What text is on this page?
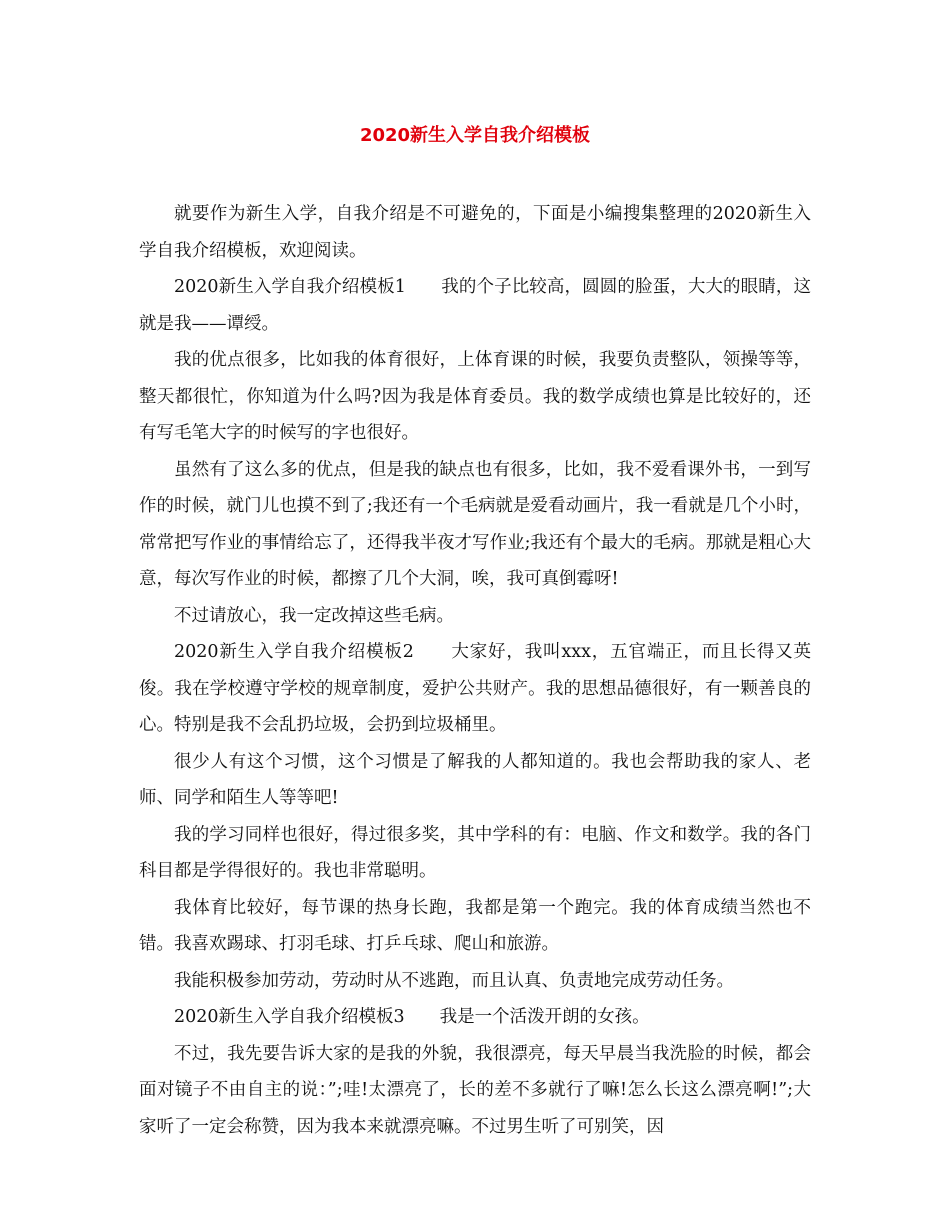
2020新生入学自我介绍模板

就要作为新生入学，自我介绍是不可避免的，下面是小编搜集整理的2020新生入学自我介绍模板，欢迎阅读。

2020新生入学自我介绍模板1　　我的个子比较高，圆圆的脸蛋，大大的眼睛，这就是我——谭绶。

我的优点很多，比如我的体育很好，上体育课的时候，我要负责整队，领操等等，整天都很忙，你知道为什么吗?因为我是体育委员。我的数学成绩也算是比较好的，还有写毛笔大字的时候写的字也很好。

虽然有了这么多的优点，但是我的缺点也有很多，比如，我不爱看课外书，一到写作的时候，就门儿也摸不到了;我还有一个毛病就是爱看动画片，我一看就是几个小时，常常把写作业的事情给忘了，还得我半夜才写作业;我还有个最大的毛病。那就是粗心大意，每次写作业的时候，都擦了几个大洞，唉，我可真倒霉呀!

不过请放心，我一定改掉这些毛病。

2020新生入学自我介绍模板2　　大家好，我叫xxx，五官端正，而且长得又英俊。我在学校遵守学校的规章制度，爱护公共财产。我的思想品德很好，有一颗善良的心。特别是我不会乱扔垃圾，会扔到垃圾桶里。

很少人有这个习惯，这个习惯是了解我的人都知道的。我也会帮助我的家人、老师、同学和陌生人等等吧!

我的学习同样也很好，得过很多奖，其中学科的有：电脑、作文和数学。我的各门科目都是学得很好的。我也非常聪明。

我体育比较好，每节课的热身长跑，我都是第一个跑完。我的体育成绩当然也不错。我喜欢踢球、打羽毛球、打乒乓球、爬山和旅游。

我能积极参加劳动，劳动时从不逃跑，而且认真、负责地完成劳动任务。

2020新生入学自我介绍模板3　　我是一个活泼开朗的女孩。

不过，我先要告诉大家的是我的外貌，我很漂亮，每天早晨当我洗脸的时候，都会面对镜子不由自主的说：”;哇!太漂亮了，长的差不多就行了嘛!怎么长这么漂亮啊!”;大家听了一定会称赞，因为我本来就漂亮嘛。不过男生听了可别笑，因
